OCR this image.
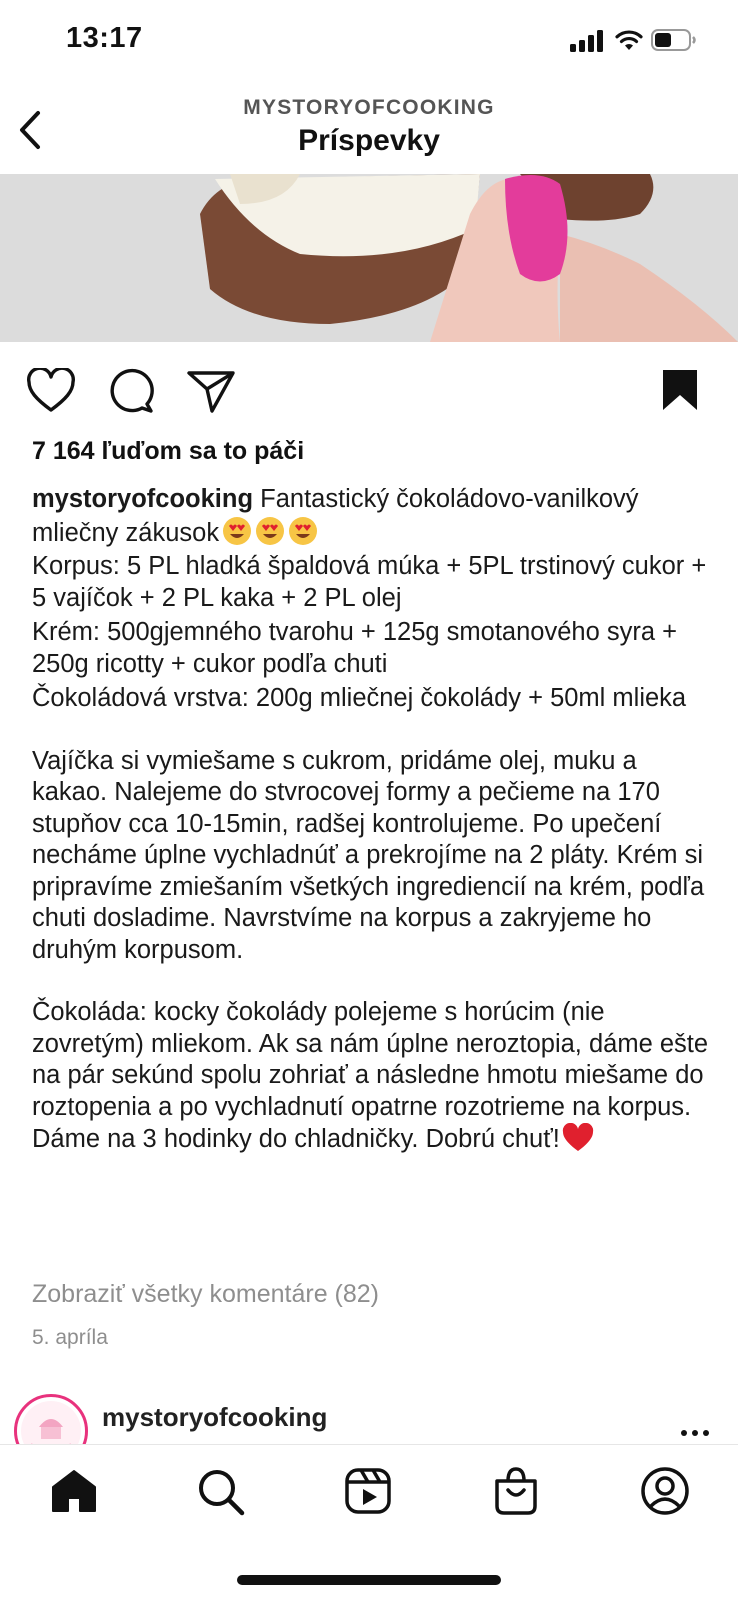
13:17
MYSTORYOFCOOKING
Príspevky
7 164 ľuďom sa to páči

mystoryofcooking Fantastický čokoládovo-vanilkový mliečny zákusok

Korpus: 5 PL hladká špaldová múka + 5PL trstinový cukor + 5 vajíčok + 2 PL kaka + 2 PL olej

Krém: 500gjemného tvarohu + 125g smotanového syra + 250g ricotty + cukor podľa chuti

Čokoládová vrstva: 200g mliečnej čokolády + 50ml mlieka

Vajíčka si vymiešame s cukrom, pridáme olej, muku a kakao. Nalejeme do stvrocovej formy a pečieme na 170 stupňov cca 10-15min, radšej kontrolujeme. Po upečení necháme úplne vychladnúť a prekrojíme na 2 pláty. Krém si pripravíme zmiešaním všetkých ingrediencií na krém, podľa chuti dosladime. Navrstvíme na korpus a zakryjeme ho druhým korpusom.

Čokoláda: kocky čokolády polejeme s horúcim (nie zovretým) mliekom. Ak sa nám úplne neroztopia, dáme ešte na pár sekúnd spolu zohriať a následne hmotu miešame do roztopenia a po vychladnutí opatrne rozotrieme na korpus. Dáme na 3 hodinky do chladničky. Dobrú chuť!

Zobraziť všetky komentáre (82)
5. apríla
mystoryofcooking
